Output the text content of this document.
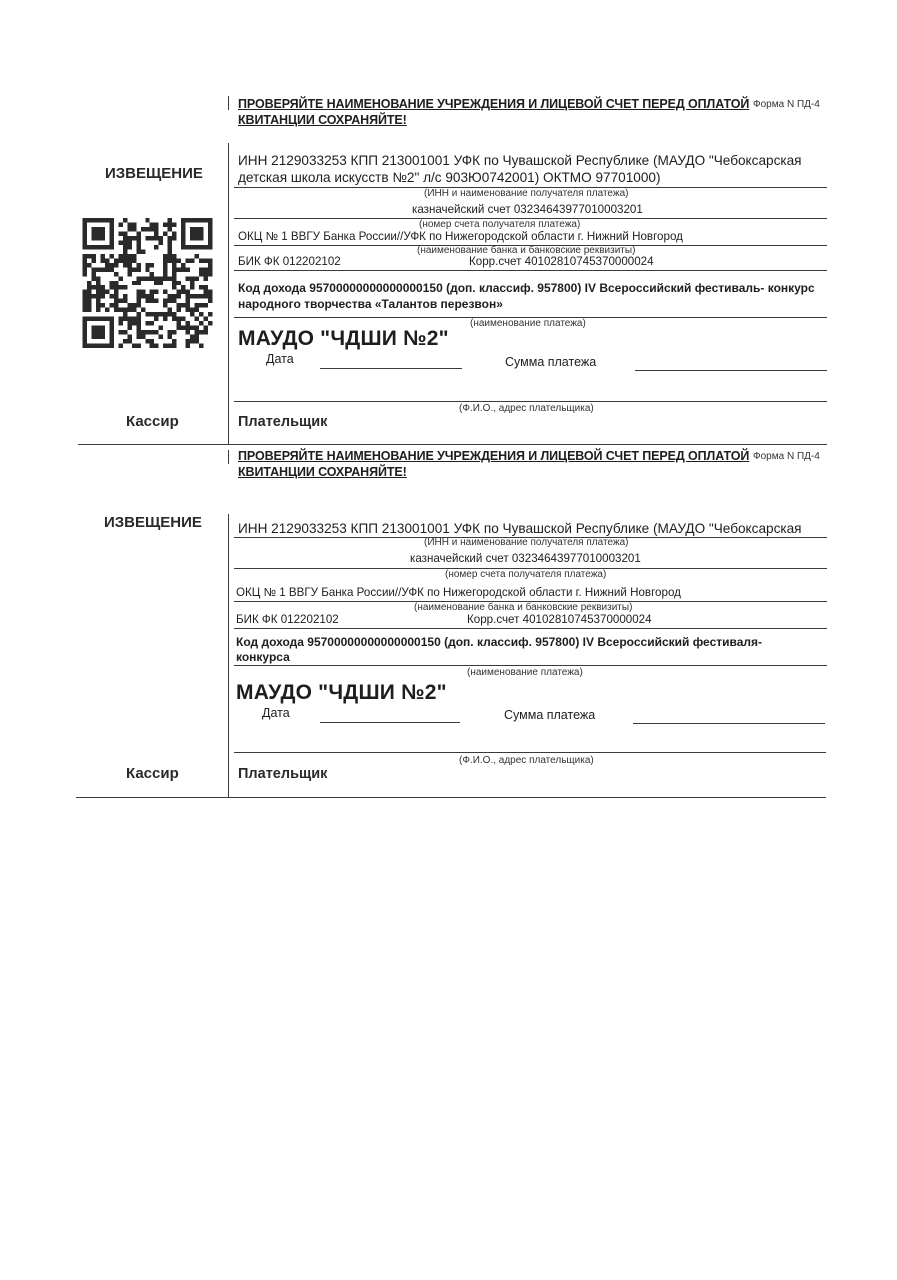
ПРОВЕРЯЙТЕ НАИМЕНОВАНИЕ УЧРЕЖДЕНИЯ И ЛИЦЕВОЙ СЧЕТ ПЕРЕД ОПЛАТОЙ Форма N ПД-4
КВИТАНЦИИ СОХРАНЯЙТЕ!
ИЗВЕЩЕНИЕ
ИНН 2129033253 КПП 213001001 УФК по Чувашской Республике (МАУДО "Чебоксарская
детская школа искусств №2" л/с 903Ю0742001) ОКТМО 97701000)
(ИНН и наименование получателя платежа)
казначейский счет 03234643977010003201
(номер счета получателя платежа)
ОКЦ № 1 ВВГУ Банка России//УФК по Нижегородской области г. Нижний Новгород
(наименование банка и банковские реквизиты)
БИК ФК 012202102	Корр.счет 40102810745370000024
Код дохода 95700000000000000150 (доп. классиф. 957800) IV Всероссийский фестиваль- конкурс
народного творчества «Талантов перезвон»
(наименование платежа)
МАУДО "ЧДШИ №2"
Дата	Сумма платежа
(Ф.И.О., адрес плательщика)
Кассир	Плательщик
ПРОВЕРЯЙТЕ НАИМЕНОВАНИЕ УЧРЕЖДЕНИЯ И ЛИЦЕВОЙ СЧЕТ ПЕРЕД ОПЛАТОЙ Форма N ПД-4
КВИТАНЦИИ СОХРАНЯЙТЕ!
ИЗВЕЩЕНИЕ	ИНН 2129033253 КПП 213001001 УФК по Чувашской Республике (МАУДО "Чебоксарская
(ИНН и наименование получателя платежа)
казначейский счет 03234643977010003201
(номер счета получателя платежа)
ОКЦ № 1 ВВГУ Банка России//УФК по Нижегородской области г. Нижний Новгород
(наименование банка и банковские реквизиты)
БИК ФК 012202102	Корр.счет 40102810745370000024
Код дохода 95700000000000000150 (доп. классиф. 957800) IV Всероссийский фестиваля-
конкурса
(наименование платежа)
МАУДО "ЧДШИ №2"
Дата	Сумма платежа
(Ф.И.О., адрес плательщика)
Кассир	Плательщик
